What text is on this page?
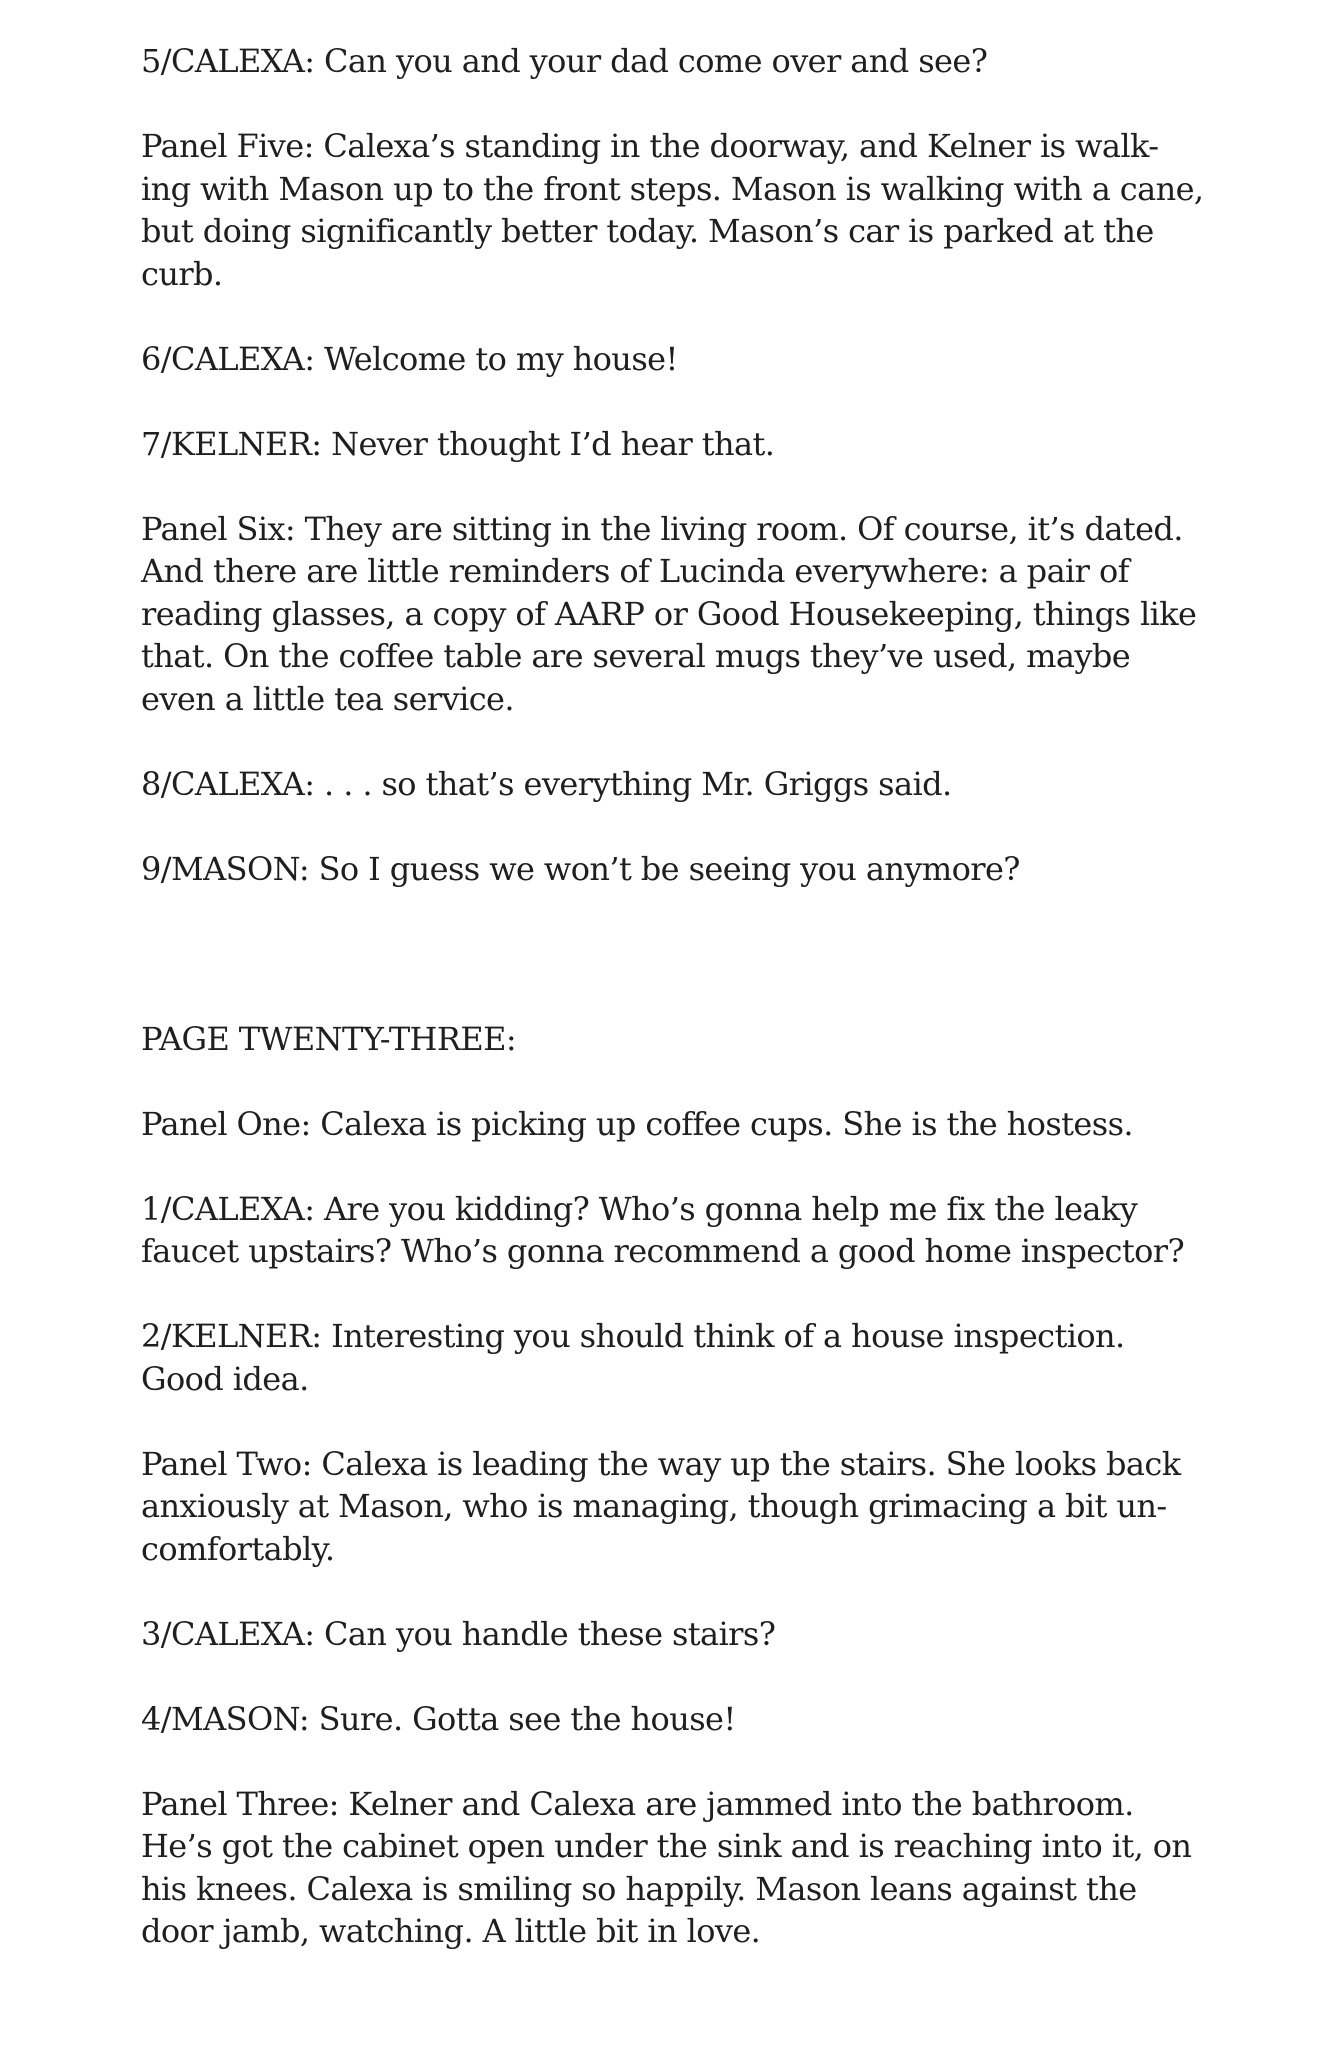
5/CALEXA: Can you and your dad come over and see?
Panel Five: Calexa’s standing in the doorway, and Kelner is walk-
ing with Mason up to the front steps. Mason is walking with a cane,
but doing significantly better today. Mason’s car is parked at the
curb.
6/CALEXA: Welcome to my house!
7/KELNER: Never thought I’d hear that.
Panel Six: They are sitting in the living room. Of course, it’s dated.
And there are little reminders of Lucinda everywhere: a pair of
reading glasses, a copy of AARP or Good Housekeeping, things like
that. On the coffee table are several mugs they’ve used, maybe
even a little tea service.
8/CALEXA: . . . so that’s everything Mr. Griggs said.
9/MASON: So I guess we won’t be seeing you anymore?
PAGE TWENTY-THREE:
Panel One: Calexa is picking up coffee cups. She is the hostess.
1/CALEXA: Are you kidding? Who’s gonna help me fix the leaky
faucet upstairs? Who’s gonna recommend a good home inspector?
2/KELNER: Interesting you should think of a house inspection.
Good idea.
Panel Two: Calexa is leading the way up the stairs. She looks back
anxiously at Mason, who is managing, though grimacing a bit un-
comfortably.
3/CALEXA: Can you handle these stairs?
4/MASON: Sure. Gotta see the house!
Panel Three: Kelner and Calexa are jammed into the bathroom.
He’s got the cabinet open under the sink and is reaching into it, on
his knees. Calexa is smiling so happily. Mason leans against the
door jamb, watching. A little bit in love.
